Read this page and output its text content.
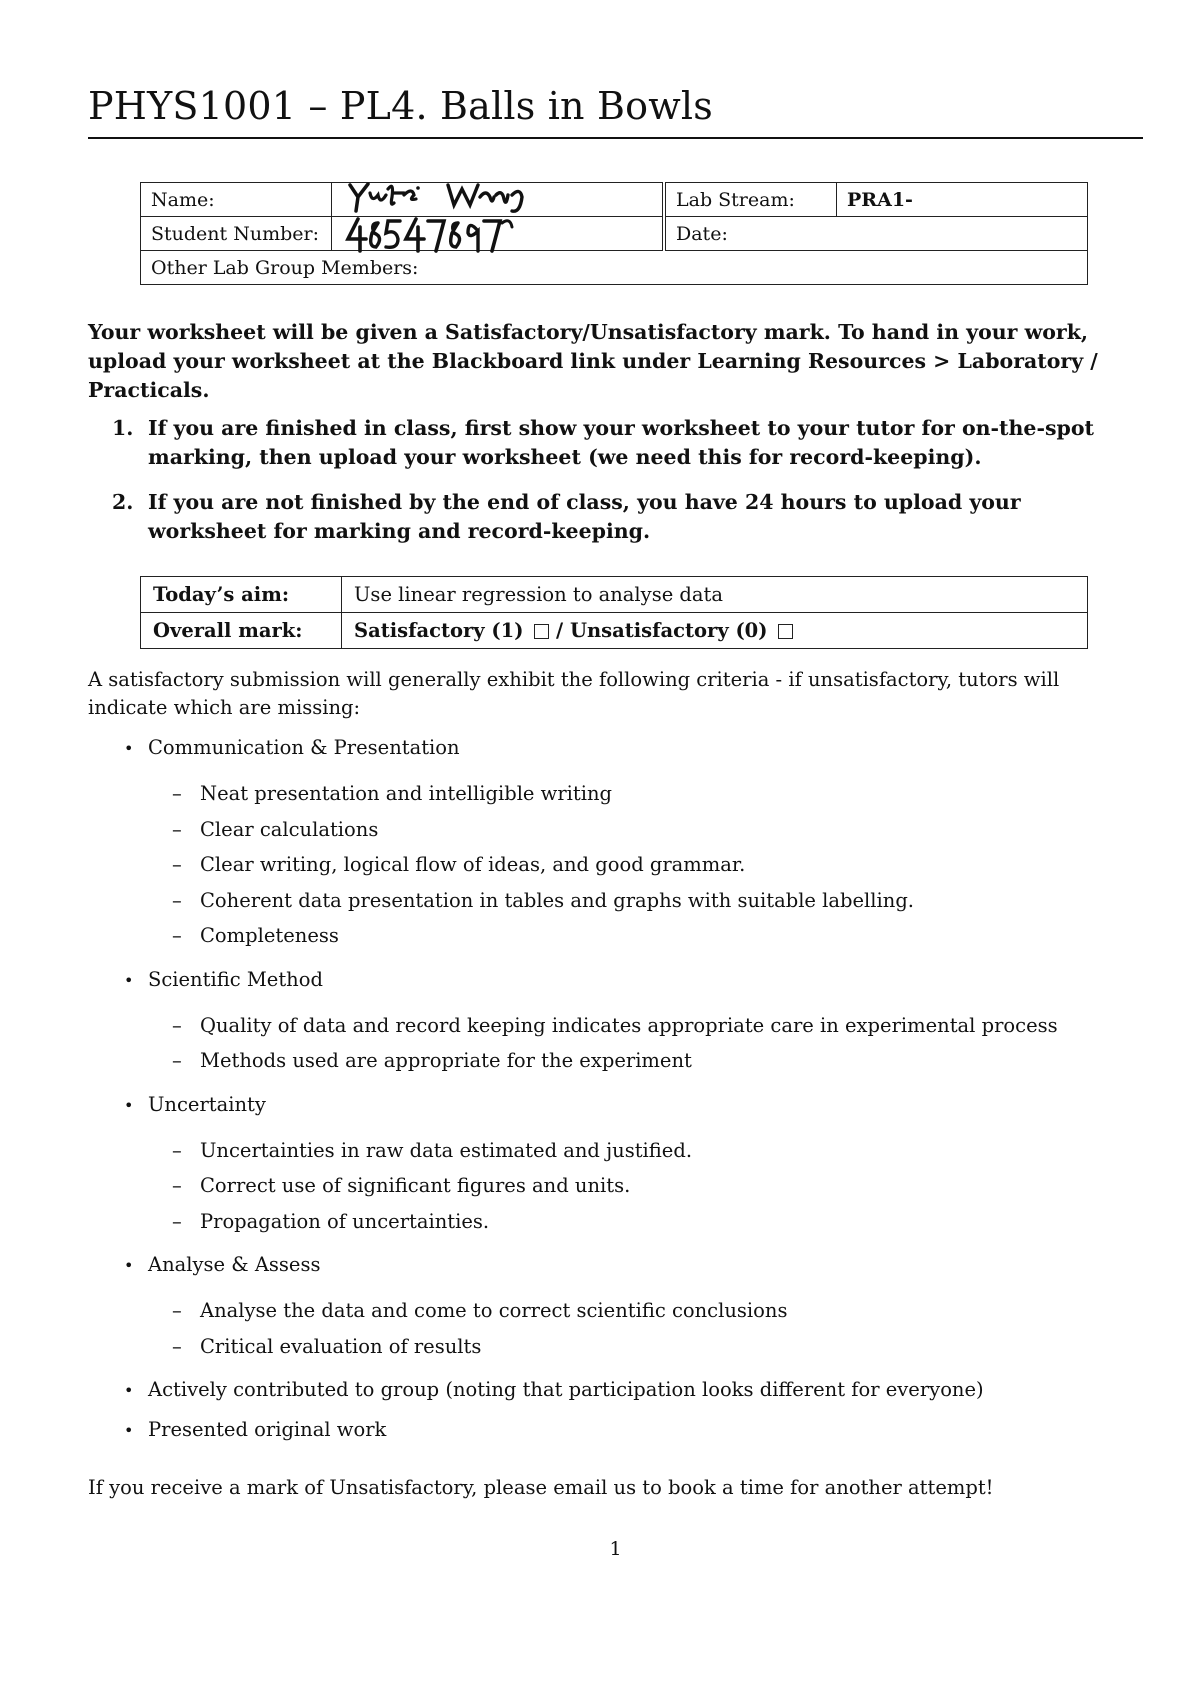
PHYS1001 – PL4. Balls in Bowls
Name:		Lab Stream:	PRA1-
Student Number:		Date:	
Other Lab Group Members:			
Your worksheet will be given a Satisfactory/Unsatisfactory mark. To hand in your work, upload your worksheet at the Blackboard link under Learning Resources > Laboratory / Practicals.
1. If you are finished in class, first show your worksheet to your tutor for on-the-spot marking, then upload your worksheet (we need this for record-keeping).
2. If you are not finished by the end of class, you have 24 hours to upload your worksheet for marking and record-keeping.
Today’s aim:	Use linear regression to analyse data
Overall mark:	Satisfactory (1) / Unsatisfactory (0)
A satisfactory submission will generally exhibit the following criteria - if unsatisfactory, tutors will indicate which are missing:
• Communication & Presentation
– Neat presentation and intelligible writing
– Clear calculations
– Clear writing, logical flow of ideas, and good grammar.
– Coherent data presentation in tables and graphs with suitable labelling.
– Completeness
• Scientific Method
– Quality of data and record keeping indicates appropriate care in experimental process
– Methods used are appropriate for the experiment
• Uncertainty
– Uncertainties in raw data estimated and justified.
– Correct use of significant figures and units.
– Propagation of uncertainties.
• Analyse & Assess
– Analyse the data and come to correct scientific conclusions
– Critical evaluation of results
• Actively contributed to group (noting that participation looks different for everyone)
• Presented original work
If you receive a mark of Unsatisfactory, please email us to book a time for another attempt!
1
